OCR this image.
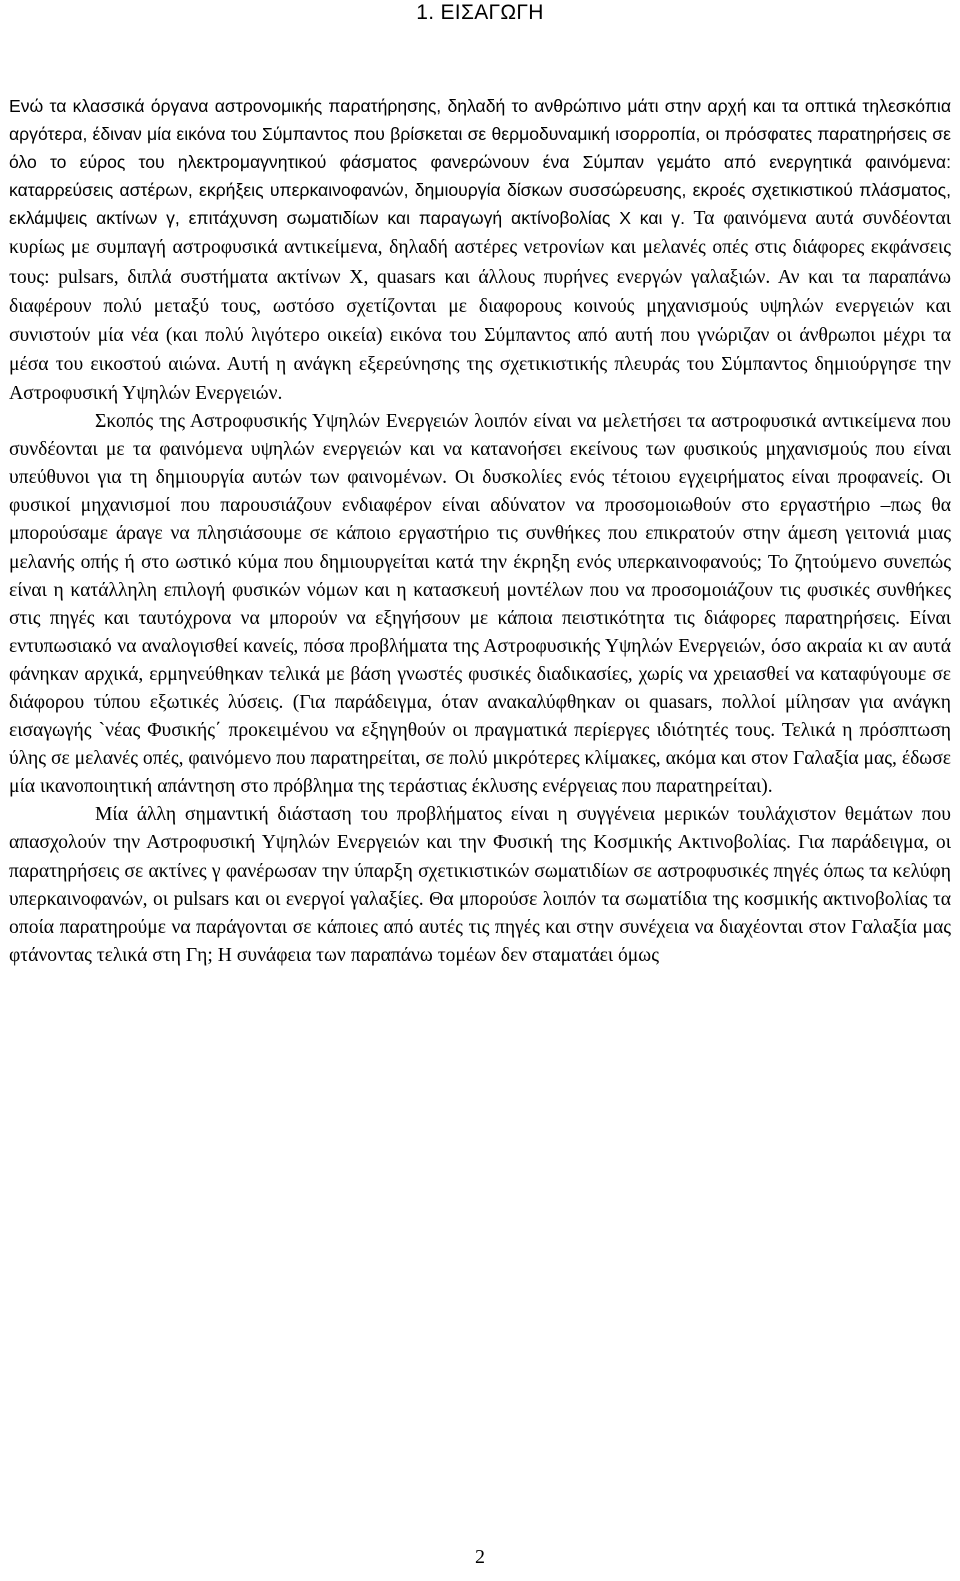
1. ΕΙΣΑΓΩΓΗ

Ενώ τα κλασσικά όργανα αστρονομικής παρατήρησης, δηλαδή το ανθρώπινο μάτι στην αρχή και τα οπτικά τηλεσκόπια αργότερα, έδιναν μία εικόνα του Σύμπαντος που βρίσκεται σε θερμοδυναμική ισορροπία, οι πρόσφατες παρατηρήσεις σε όλο το εύρος του ηλεκτρομαγνητικού φάσματος φανερώνουν ένα Σύμπαν γεμάτο από ενεργητικά φαινόμενα: καταρρεύσεις αστέρων, εκρήξεις υπερκαινοφανών, δημιουργία δίσκων συσσώρευσης, εκροές σχετικιστικού πλάσματος, εκλάμψεις ακτίνων γ, επιτάχυνση σωματιδίων και παραγωγή ακτίνοβολίας Χ και γ. Τα φαινόμενα αυτά συνδέονται κυρίως με συμπαγή αστροφυσικά αντικείμενα, δηλαδή αστέρες νετρονίων και μελανές οπές στις διάφορες εκφάνσεις τους: pulsars, διπλά συστήματα ακτίνων Χ, quasars και άλλους πυρήνες ενεργών γαλαξιών. Αν και τα παραπάνω διαφέρουν πολύ μεταξύ τους, ωστόσο σχετίζονται με διαφορους κοινούς μηχανισμούς υψηλών ενεργειών και συνιστούν μία νέα (και πολύ λιγότερο οικεία) εικόνα του Σύμπαντος από αυτή που γνώριζαν οι άνθρωποι μέχρι τα μέσα του εικοστού αιώνα. Αυτή η ανάγκη εξερεύνησης της σχετικιστικής πλευράς του Σύμπαντος δημιούργησε την Αστροφυσική Υψηλών Ενεργειών.

Σκοπός της Αστροφυσικής Υψηλών Ενεργειών λοιπόν είναι να μελετήσει τα αστροφυσικά αντικείμενα που συνδέονται με τα φαινόμενα υψηλών ενεργειών και να κατανοήσει εκείνους των φυσικούς μηχανισμούς που είναι υπεύθυνοι για τη δημιουργία αυτών των φαινομένων. Οι δυσκολίες ενός τέτοιου εγχειρήματος είναι προφανείς. Οι φυσικοί μηχανισμοί που παρουσιάζουν ενδιαφέρον είναι αδύνατον να προσομοιωθούν στο εργαστήριο –πως θα μπορούσαμε άραγε να πλησιάσουμε σε κάποιο εργαστήριο τις συνθήκες που επικρατούν στην άμεση γειτονιά μιας μελανής οπής ή στο ωστικό κύμα που δημιουργείται κατά την έκρηξη ενός υπερκαινοφανούς; Το ζητούμενο συνεπώς είναι η κατάλληλη επιλογή φυσικών νόμων και η κατασκευή μοντέλων που να προσομοιάζουν τις φυσικές συνθήκες στις πηγές και ταυτόχρονα να μπορούν να εξηγήσουν με κάποια πειστικότητα τις διάφορες παρατηρήσεις. Είναι εντυπωσιακό να αναλογισθεί κανείς, πόσα προβλήματα της Αστροφυσικής Υψηλών Ενεργειών, όσο ακραία κι αν αυτά φάνηκαν αρχικά, ερμηνεύθηκαν τελικά με βάση γνωστές φυσικές διαδικασίες, χωρίς να χρειασθεί να καταφύγουμε σε διάφορου τύπου εξωτικές λύσεις. (Για παράδειγμα, όταν ανακαλύφθηκαν οι quasars, πολλοί μίλησαν για ανάγκη εισαγωγής `νέας Φυσικής΄ προκειμένου να εξηγηθούν οι πραγματικά περίεργες ιδιότητές τους. Τελικά η πρόσπτωση ύλης σε μελανές οπές, φαινόμενο που παρατηρείται, σε πολύ μικρότερες κλίμακες, ακόμα και στον Γαλαξία μας, έδωσε μία ικανοποιητική απάντηση στο πρόβλημα της τεράστιας έκλυσης ενέργειας που παρατηρείται).

Μία άλλη σημαντική διάσταση του προβλήματος είναι η συγγένεια μερικών τουλάχιστον θεμάτων που απασχολούν την Αστροφυσική Υψηλών Ενεργειών και την Φυσική της Κοσμικής Ακτινοβολίας. Για παράδειγμα, οι παρατηρήσεις σε ακτίνες γ φανέρωσαν την ύπαρξη σχετικιστικών σωματιδίων σε αστροφυσικές πηγές όπως τα κελύφη υπερκαινοφανών, οι pulsars και οι ενεργοί γαλαξίες. Θα μπορούσε λοιπόν τα σωματίδια της κοσμικής ακτινοβολίας τα οποία παρατηρούμε να παράγονται σε κάποιες από αυτές τις πηγές και στην συνέχεια να διαχέονται στον Γαλαξία μας φτάνοντας τελικά στη Γη; Η συνάφεια των παραπάνω τομέων δεν σταματάει όμως

2
